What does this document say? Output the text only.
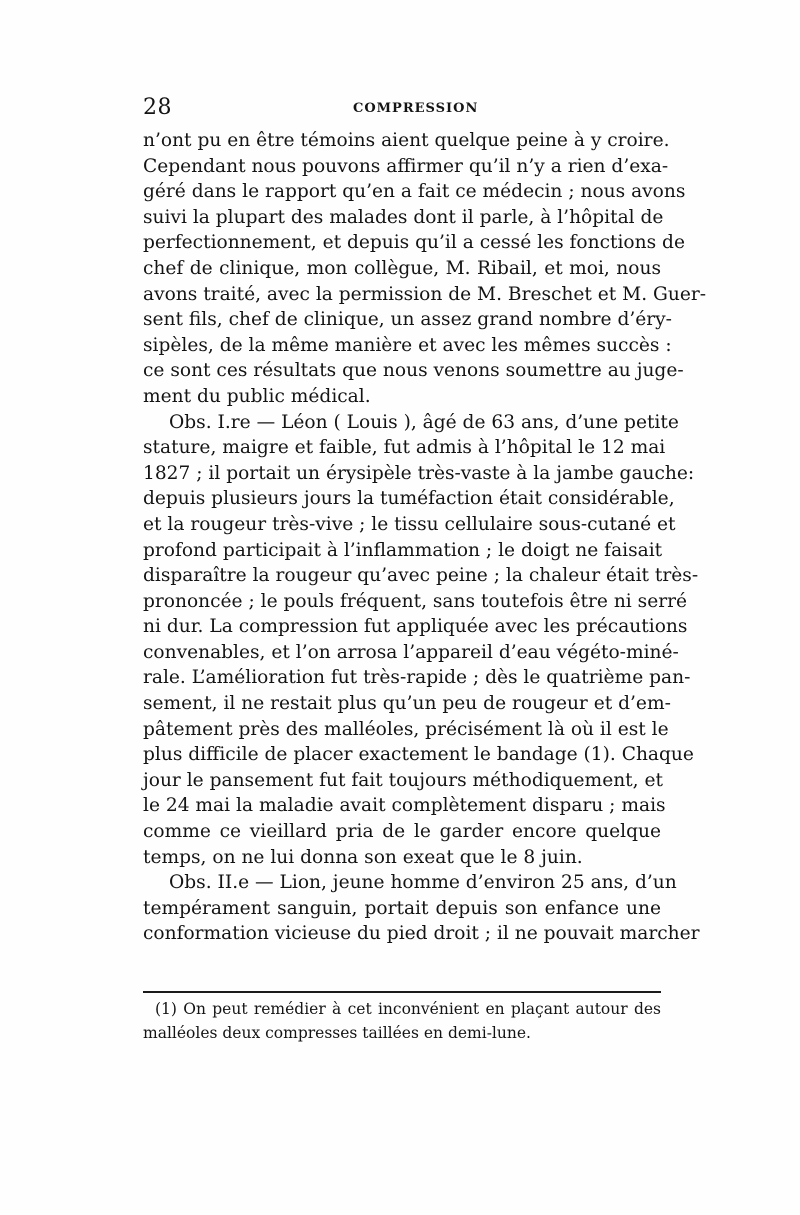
28	COMPRESSION
n’ont pu en être témoins aient quelque peine à y croire.
Cependant nous pouvons affirmer qu’il n’y a rien d’exa-
géré dans le rapport qu’en a fait ce médecin ; nous avons
suivi la plupart des malades dont il parle, à l’hôpital de
perfectionnement, et depuis qu’il a cessé les fonctions de
chef de clinique, mon collègue, M. Ribail, et moi, nous
avons traité, avec la permission de M. Breschet et M. Guer-
sent fils, chef de clinique, un assez grand nombre d’éry-
sipèles, de la même manière et avec les mêmes succès :
ce sont ces résultats que nous venons soumettre au juge-
ment du public médical.
Obs. I.re — Léon ( Louis ), âgé de 63 ans, d’une petite
stature, maigre et faible, fut admis à l’hôpital le 12 mai
1827 ; il portait un érysipèle très-vaste à la jambe gauche:
depuis plusieurs jours la tuméfaction était considérable,
et la rougeur très-vive ; le tissu cellulaire sous-cutané et
profond participait à l’inflammation ; le doigt ne faisait
disparaître la rougeur qu’avec peine ; la chaleur était très-
prononcée ; le pouls fréquent, sans toutefois être ni serré
ni dur. La compression fut appliquée avec les précautions
convenables, et l’on arrosa l’appareil d’eau végéto-miné-
rale. L’amélioration fut très-rapide ; dès le quatrième pan-
sement, il ne restait plus qu’un peu de rougeur et d’em-
pâtement près des malléoles, précisément là où il est le
plus difficile de placer exactement le bandage (1). Chaque
jour le pansement fut fait toujours méthodiquement, et
le 24 mai la maladie avait complètement disparu ; mais
comme ce vieillard pria de le garder encore quelque
temps, on ne lui donna son exeat que le 8 juin.
Obs. II.e — Lion, jeune homme d’environ 25 ans, d’un
tempérament sanguin, portait depuis son enfance une
conformation vicieuse du pied droit ; il ne pouvait marcher
(1) On peut remédier à cet inconvénient en plaçant autour des
malléoles deux compresses taillées en demi-lune.
